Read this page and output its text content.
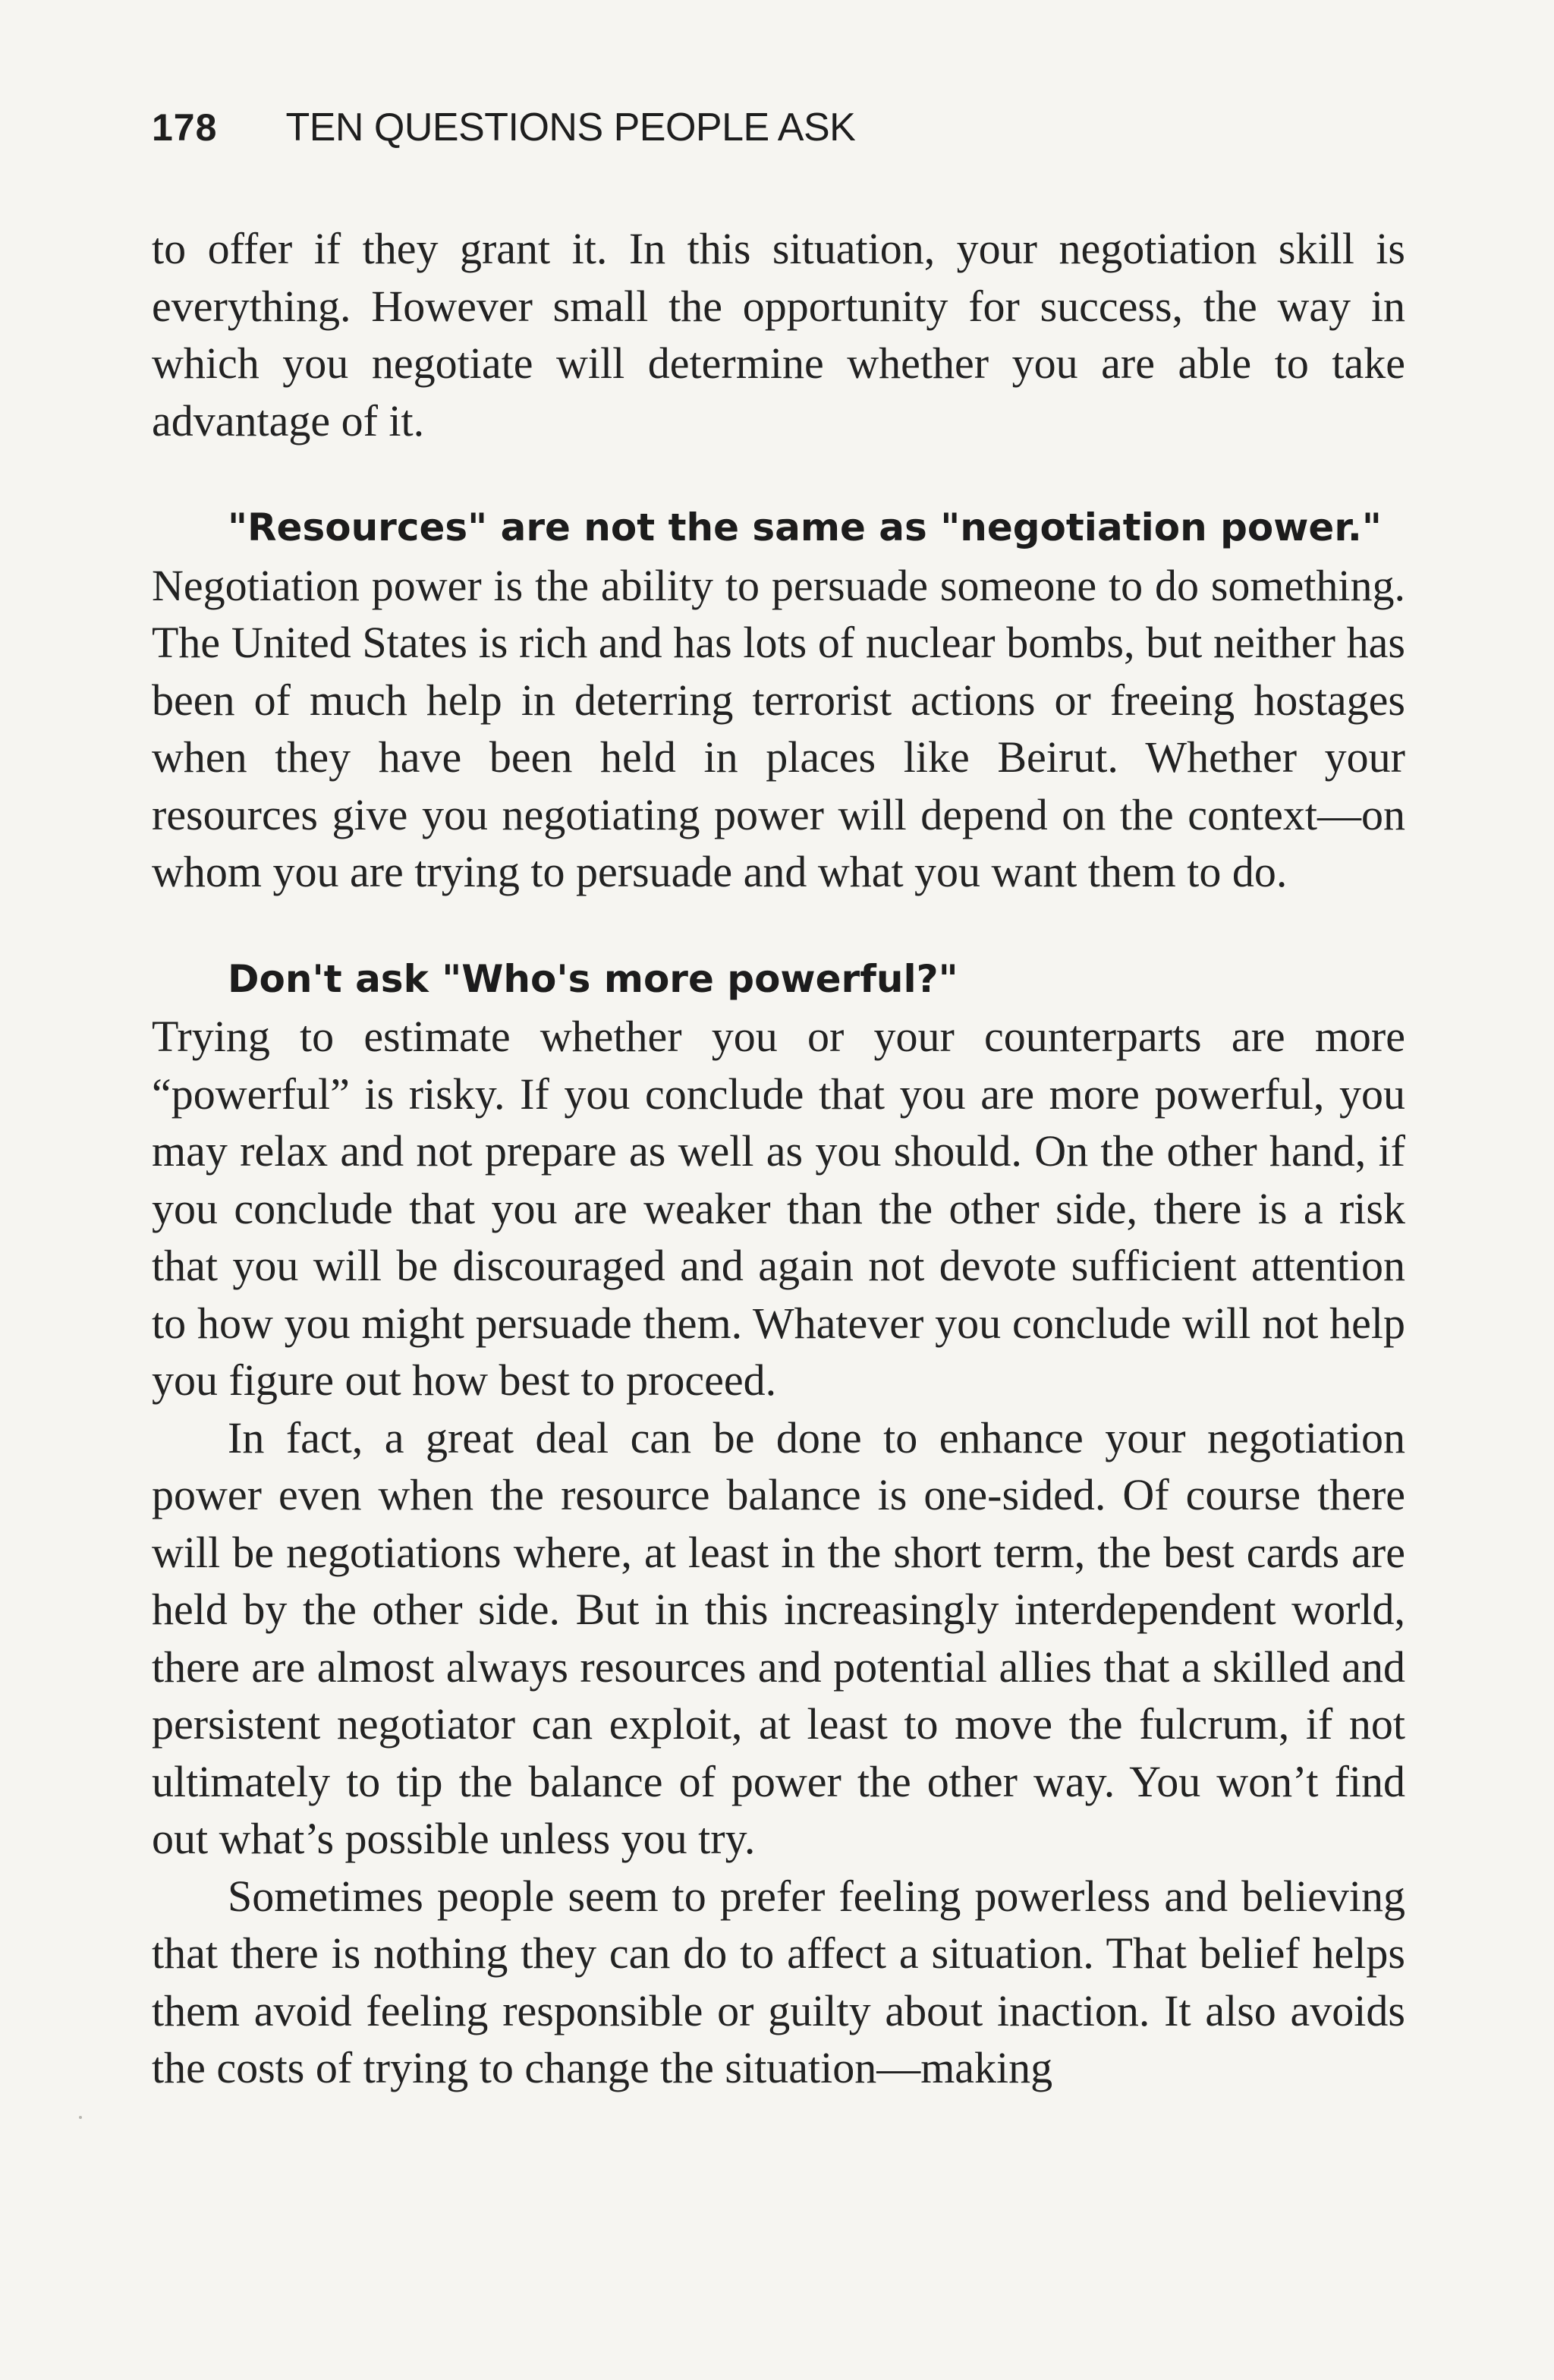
178 TEN QUESTIONS PEOPLE ASK

to offer if they grant it. In this situation, your negotiation skill is everything. However small the opportunity for success, the way in which you negotiate will determine whether you are able to take advantage of it.

"Resources" are not the same as "negotiation power."

Negotiation power is the ability to persuade someone to do something. The United States is rich and has lots of nuclear bombs, but neither has been of much help in deterring terrorist actions or freeing hostages when they have been held in places like Beirut. Whether your resources give you negotiating power will depend on the context—on whom you are trying to persuade and what you want them to do.

Don't ask "Who's more powerful?"

Trying to estimate whether you or your counterparts are more “powerful” is risky. If you conclude that you are more powerful, you may relax and not prepare as well as you should. On the other hand, if you conclude that you are weaker than the other side, there is a risk that you will be discouraged and again not devote sufficient attention to how you might persuade them. Whatever you conclude will not help you figure out how best to proceed.

In fact, a great deal can be done to enhance your negotiation power even when the resource balance is one-sided. Of course there will be negotiations where, at least in the short term, the best cards are held by the other side. But in this increasingly interdependent world, there are almost always resources and potential allies that a skilled and persistent negotiator can exploit, at least to move the fulcrum, if not ultimately to tip the balance of power the other way. You won’t find out what’s possible unless you try.

Sometimes people seem to prefer feeling powerless and believing that there is nothing they can do to affect a situation. That belief helps them avoid feeling responsible or guilty about inaction. It also avoids the costs of trying to change the situation—making
